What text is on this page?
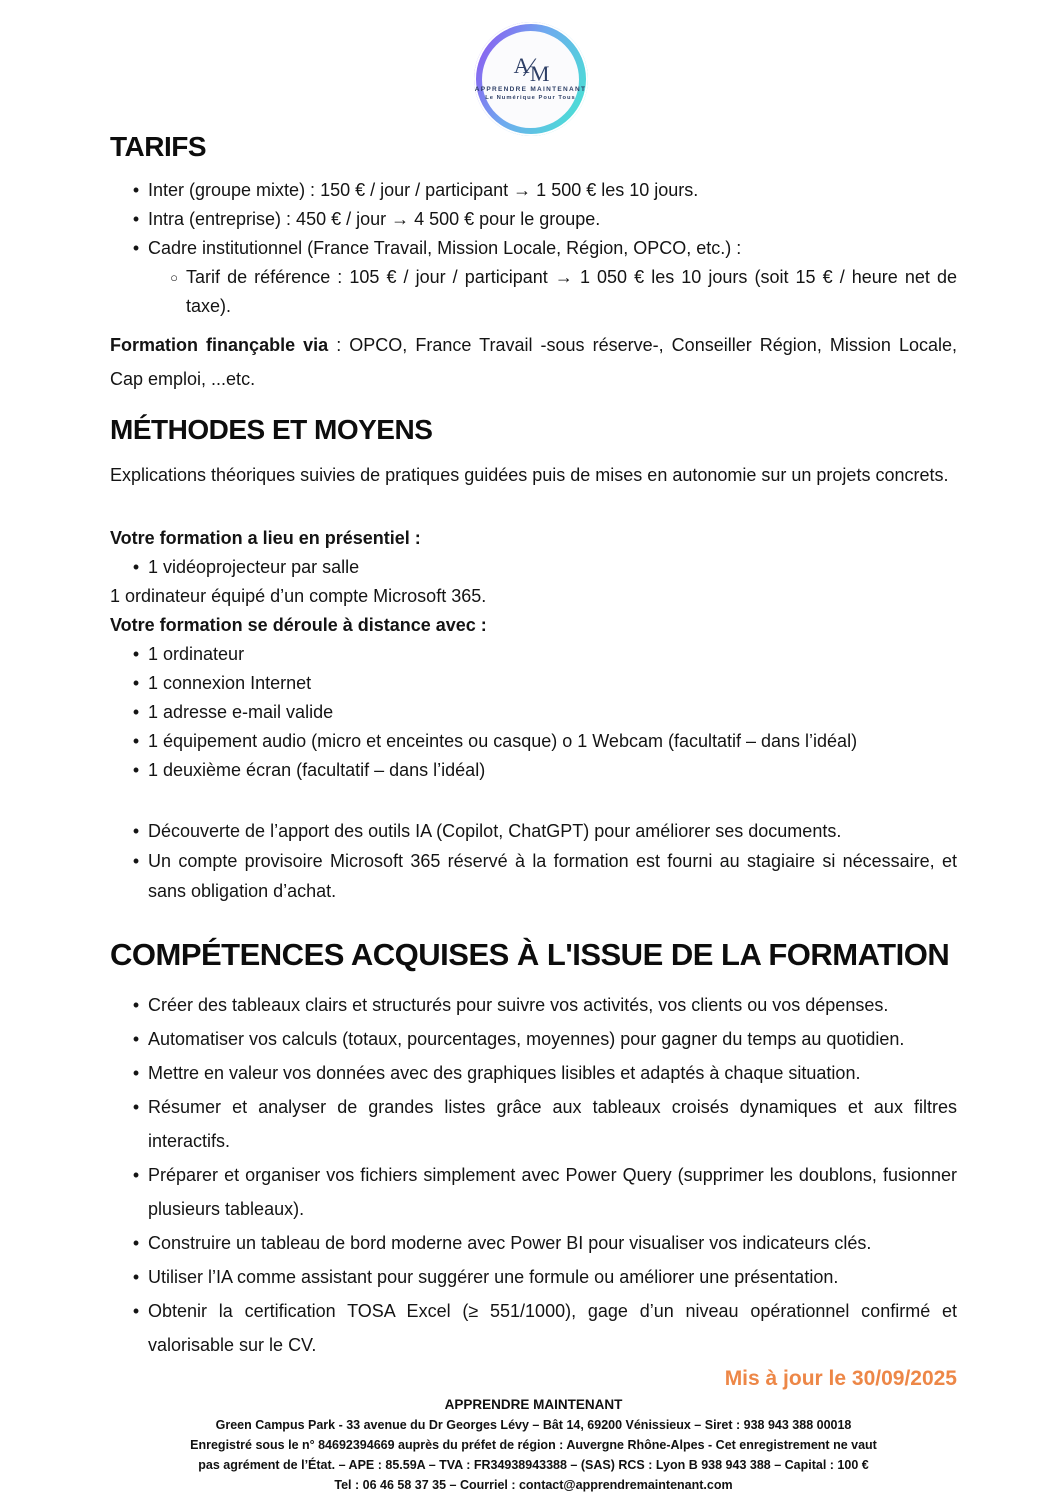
A⁄M
APPRENDRE MAINTENANT
Le Numérique Pour Tous
TARIFS
•

Inter (groupe mixte) : 150 € / jour / participant → 1 500 € les 10 jours.

•

Intra (entreprise) : 450 € / jour → 4 500 € pour le groupe.

•

Cadre institutionnel (France Travail, Mission Locale, Région, OPCO, etc.) :

○

Tarif de référence : 105 € / jour / participant → 1 050 € les 10 jours (soit 15 € / heure net de taxe).

Formation finançable via : OPCO, France Travail -sous réserve-, Conseiller Région, Mission Locale, Cap emploi, ...etc.

MÉTHODES ET MOYENS

Explications théoriques suivies de pratiques guidées puis de mises en autonomie sur un projets concrets.

Votre formation a lieu en présentiel :

•

1 vidéoprojecteur par salle

1 ordinateur équipé d’un compte Microsoft 365.

Votre formation se déroule à distance avec :

•

1 ordinateur

•

1 connexion Internet

•

1 adresse e-mail valide

•

1 équipement audio (micro et enceintes ou casque) o 1 Webcam (facultatif – dans l’idéal)

•

1 deuxième écran (facultatif – dans l’idéal)

•

Découverte de l’apport des outils IA (Copilot, ChatGPT) pour améliorer ses documents.

•

Un compte provisoire Microsoft 365 réservé à la formation est fourni au stagiaire si nécessaire, et sans obligation d’achat.

COMPÉTENCES ACQUISES À L'ISSUE DE LA FORMATION
•

Créer des tableaux clairs et structurés pour suivre vos activités, vos clients ou vos dépenses.

•

Automatiser vos calculs (totaux, pourcentages, moyennes) pour gagner du temps au quotidien.

•

Mettre en valeur vos données avec des graphiques lisibles et adaptés à chaque situation.

•

Résumer et analyser de grandes listes grâce aux tableaux croisés dynamiques et aux filtres interactifs.

•

Préparer et organiser vos fichiers simplement avec Power Query (supprimer les doublons, fusionner plusieurs tableaux).

•

Construire un tableau de bord moderne avec Power BI pour visualiser vos indicateurs clés.

•

Utiliser l’IA comme assistant pour suggérer une formule ou améliorer une présentation.

•

Obtenir la certification TOSA Excel (≥ 551/1000), gage d’un niveau opérationnel confirmé et valorisable sur le CV.

Mis à jour le 30/09/2025

APPRENDRE MAINTENANT
Green Campus Park - 33 avenue du Dr Georges Lévy – Bât 14, 69200 Vénissieux – Siret : 938 943 388 00018
Enregistré sous le n° 84692394669 auprès du préfet de région : Auvergne Rhône-Alpes - Cet enregistrement ne vaut
pas agrément de l’État. – APE : 85.59A – TVA : FR34938943388 – (SAS) RCS : Lyon B 938 943 388 – Capital : 100 €
Tel : 06 46 58 37 35 – Courriel : contact@apprendremaintenant.com
